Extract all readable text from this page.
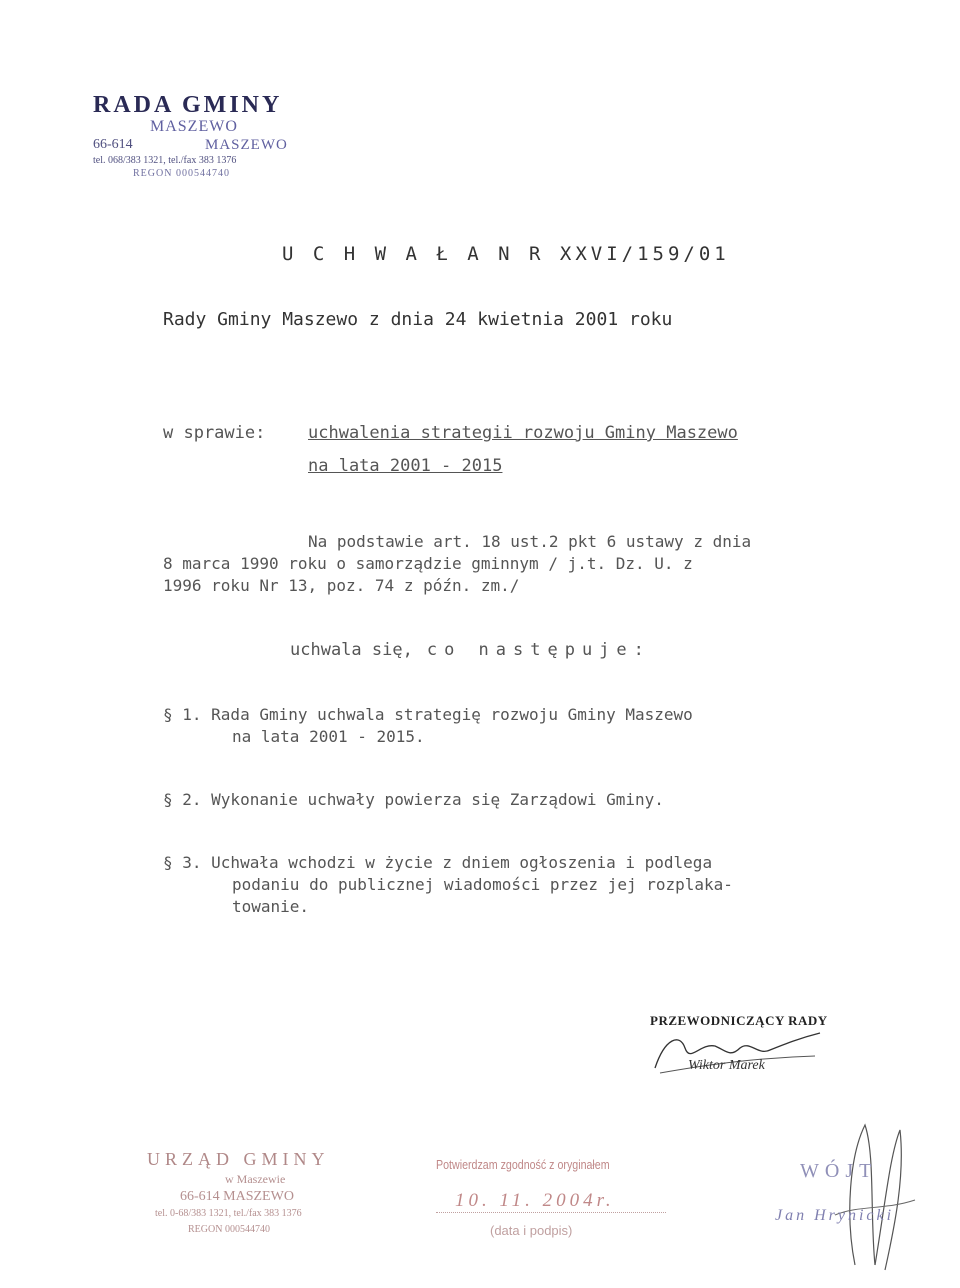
RADA GMINY
MASZEWO
66-614	MASZEWO
tel. 068/383 1321, tel./fax 383 1376
REGON 000544740
U C H W A Ł A N R XXVI/159/01
Rady Gminy Maszewo z dnia 24 kwietnia 2001 roku
w sprawie:	uchwalenia strategii rozwoju Gminy Maszewo
na lata 2001 - 2015
Na podstawie art. 18 ust.2 pkt 6 ustawy z dnia
8 marca 1990 roku o samorządzie gminnym / j.t. Dz. U. z
1996 roku Nr 13, poz. 74 z późn. zm./
uchwala się, co następuje:
§ 1. Rada Gminy uchwala strategię rozwoju Gminy Maszewo
na lata 2001 - 2015.
§ 2. Wykonanie uchwały powierza się Zarządowi Gminy.
§ 3. Uchwała wchodzi w życie z dniem ogłoszenia i podlega
podaniu do publicznej wiadomości przez jej rozplaka-
towanie.
PRZEWODNICZĄCY RADY
Wiktor Marek
URZĄD GMINY
w Maszewie
66-614 MASZEWO
tel. 0-68/383 1321, tel./fax 383 1376
REGON 000544740
Potwierdzam zgodność z oryginałem
10. 11. 2004r.
(data i podpis)
WÓJT
Jan Hrynicki
